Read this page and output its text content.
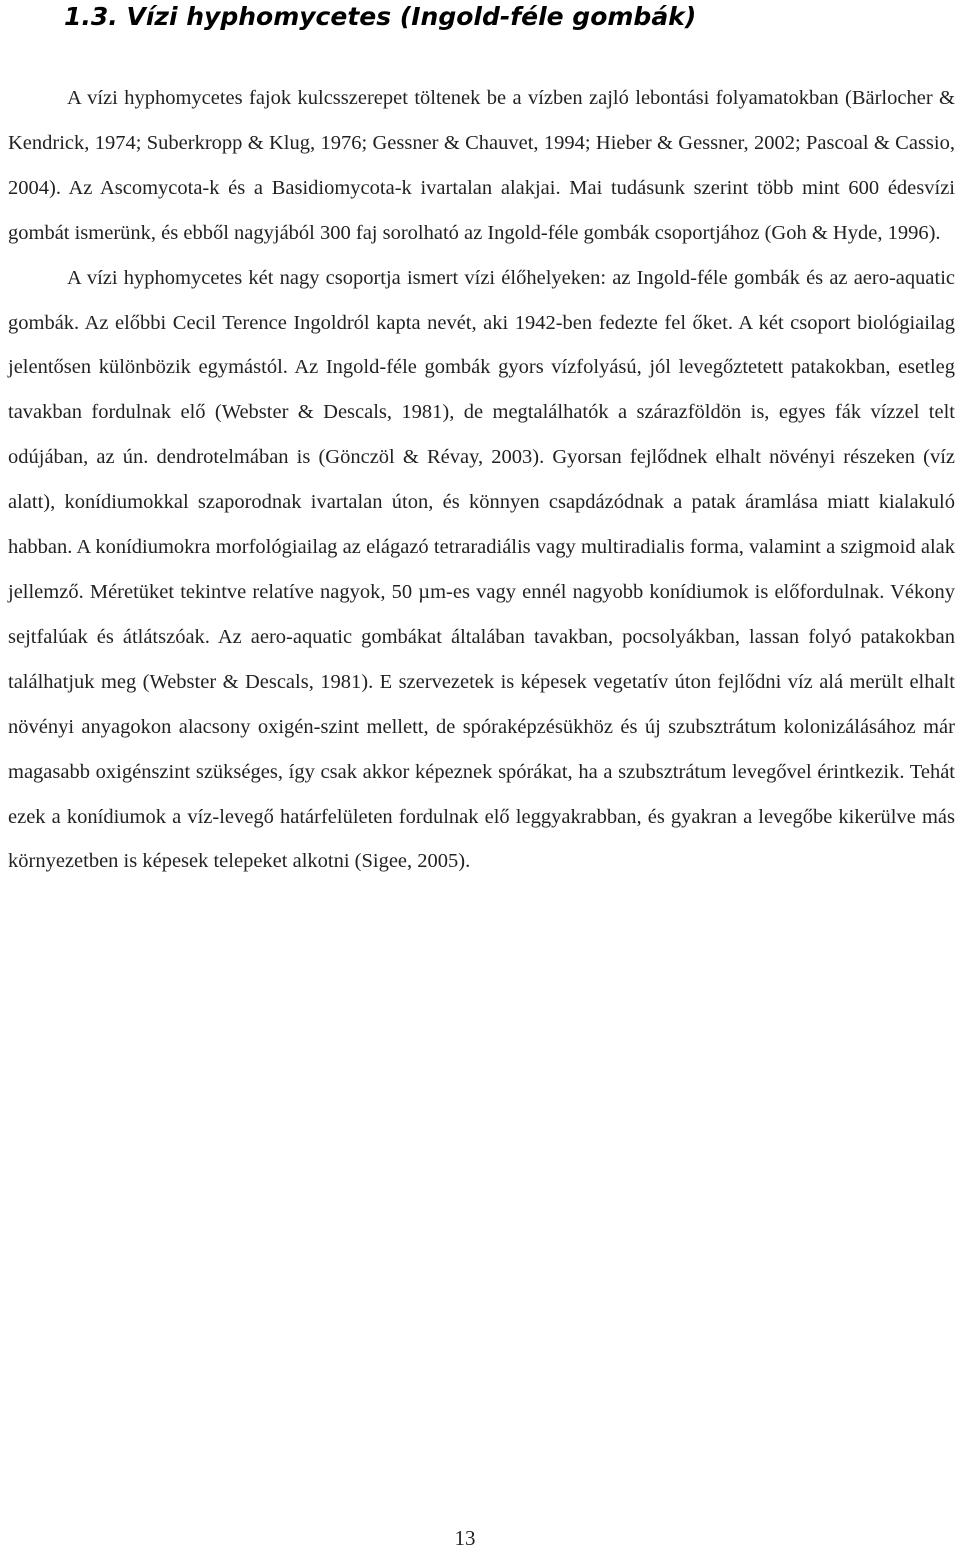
1.3. Vízi hyphomycetes (Ingold-féle gombák)

A vízi hyphomycetes fajok kulcsszerepet töltenek be a vízben zajló lebontási folyamatokban (Bärlocher & Kendrick, 1974; Suberkropp & Klug, 1976; Gessner & Chauvet, 1994; Hieber & Gessner, 2002; Pascoal & Cassio, 2004). Az Ascomycota-k és a Basidiomycota-k ivartalan alakjai. Mai tudásunk szerint több mint 600 édesvízi gombát ismerünk, és ebből nagyjából 300 faj sorolható az Ingold-féle gombák csoportjához (Goh & Hyde, 1996).

A vízi hyphomycetes két nagy csoportja ismert vízi élőhelyeken: az Ingold-féle gombák és az aero-aquatic gombák. Az előbbi Cecil Terence Ingoldról kapta nevét, aki 1942-ben fedezte fel őket. A két csoport biológiailag jelentősen különbözik egymástól. Az Ingold-féle gombák gyors vízfolyású, jól levegőztetett patakokban, esetleg tavakban fordulnak elő (Webster & Descals, 1981), de megtalálhatók a szárazföldön is, egyes fák vízzel telt odújában, az ún. dendrotelmában is (Gönczöl & Révay, 2003). Gyorsan fejlődnek elhalt növényi részeken (víz alatt), konídiumokkal szaporodnak ivartalan úton, és könnyen csapdázódnak a patak áramlása miatt kialakuló habban. A konídiumokra morfológiailag az elágazó tetraradiális vagy multiradialis forma, valamint a szigmoid alak jellemző. Méretüket tekintve relatíve nagyok, 50 µm-es vagy ennél nagyobb konídiumok is előfordulnak. Vékony sejtfalúak és átlátszóak. Az aero-aquatic gombákat általában tavakban, pocsolyákban, lassan folyó patakokban találhatjuk meg (Webster & Descals, 1981). E szervezetek is képesek vegetatív úton fejlődni víz alá merült elhalt növényi anyagokon alacsony oxigén-szint mellett, de spóraképzésükhöz és új szubsztrátum kolonizálásához már magasabb oxigénszint szükséges, így csak akkor képeznek spórákat, ha a szubsztrátum levegővel érintkezik. Tehát ezek a konídiumok a víz-levegő határfelületen fordulnak elő leggyakrabban, és gyakran a levegőbe kikerülve más környezetben is képesek telepeket alkotni (Sigee, 2005).

13
